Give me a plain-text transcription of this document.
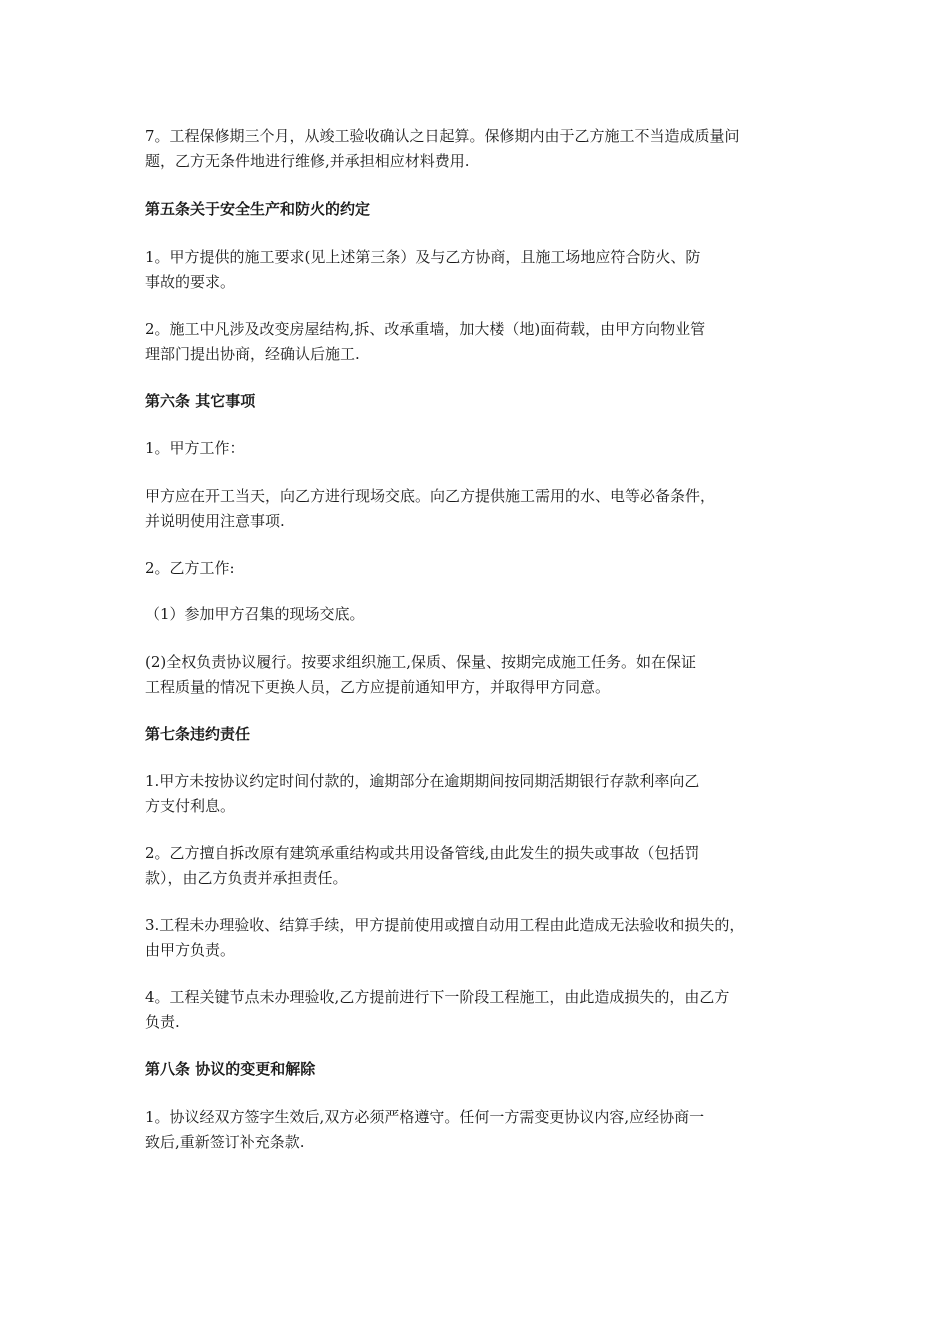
7。工程保修期三个月，从竣工验收确认之日起算。保修期内由于乙方施工不当造成质量问
题，乙方无条件地进行维修,并承担相应材料费用.
第五条关于安全生产和防火的约定
1。甲方提供的施工要求(见上述第三条）及与乙方协商，且施工场地应符合防火、防
事故的要求。
2。施工中凡涉及改变房屋结构,拆、改承重墙，加大楼（地)面荷载，由甲方向物业管
理部门提出协商，经确认后施工.
第六条 其它事项
1。甲方工作：
甲方应在开工当天，向乙方进行现场交底。向乙方提供施工需用的水、电等必备条件，
并说明使用注意事项.
2。乙方工作:
（1）参加甲方召集的现场交底。
(2)全权负责协议履行。按要求组织施工,保质、保量、按期完成施工任务。如在保证
工程质量的情况下更换人员，乙方应提前通知甲方，并取得甲方同意。
第七条违约责任
1.甲方未按协议约定时间付款的，逾期部分在逾期期间按同期活期银行存款利率向乙
方支付利息。
2。乙方擅自拆改原有建筑承重结构或共用设备管线,由此发生的损失或事故（包括罚
款），由乙方负责并承担责任。
3.工程未办理验收、结算手续，甲方提前使用或擅自动用工程由此造成无法验收和损失的，
由甲方负责。
4。工程关键节点未办理验收,乙方提前进行下一阶段工程施工，由此造成损失的，由乙方
负责.
第八条 协议的变更和解除
1。协议经双方签字生效后,双方必须严格遵守。任何一方需变更协议内容,应经协商一
致后,重新签订补充条款.
